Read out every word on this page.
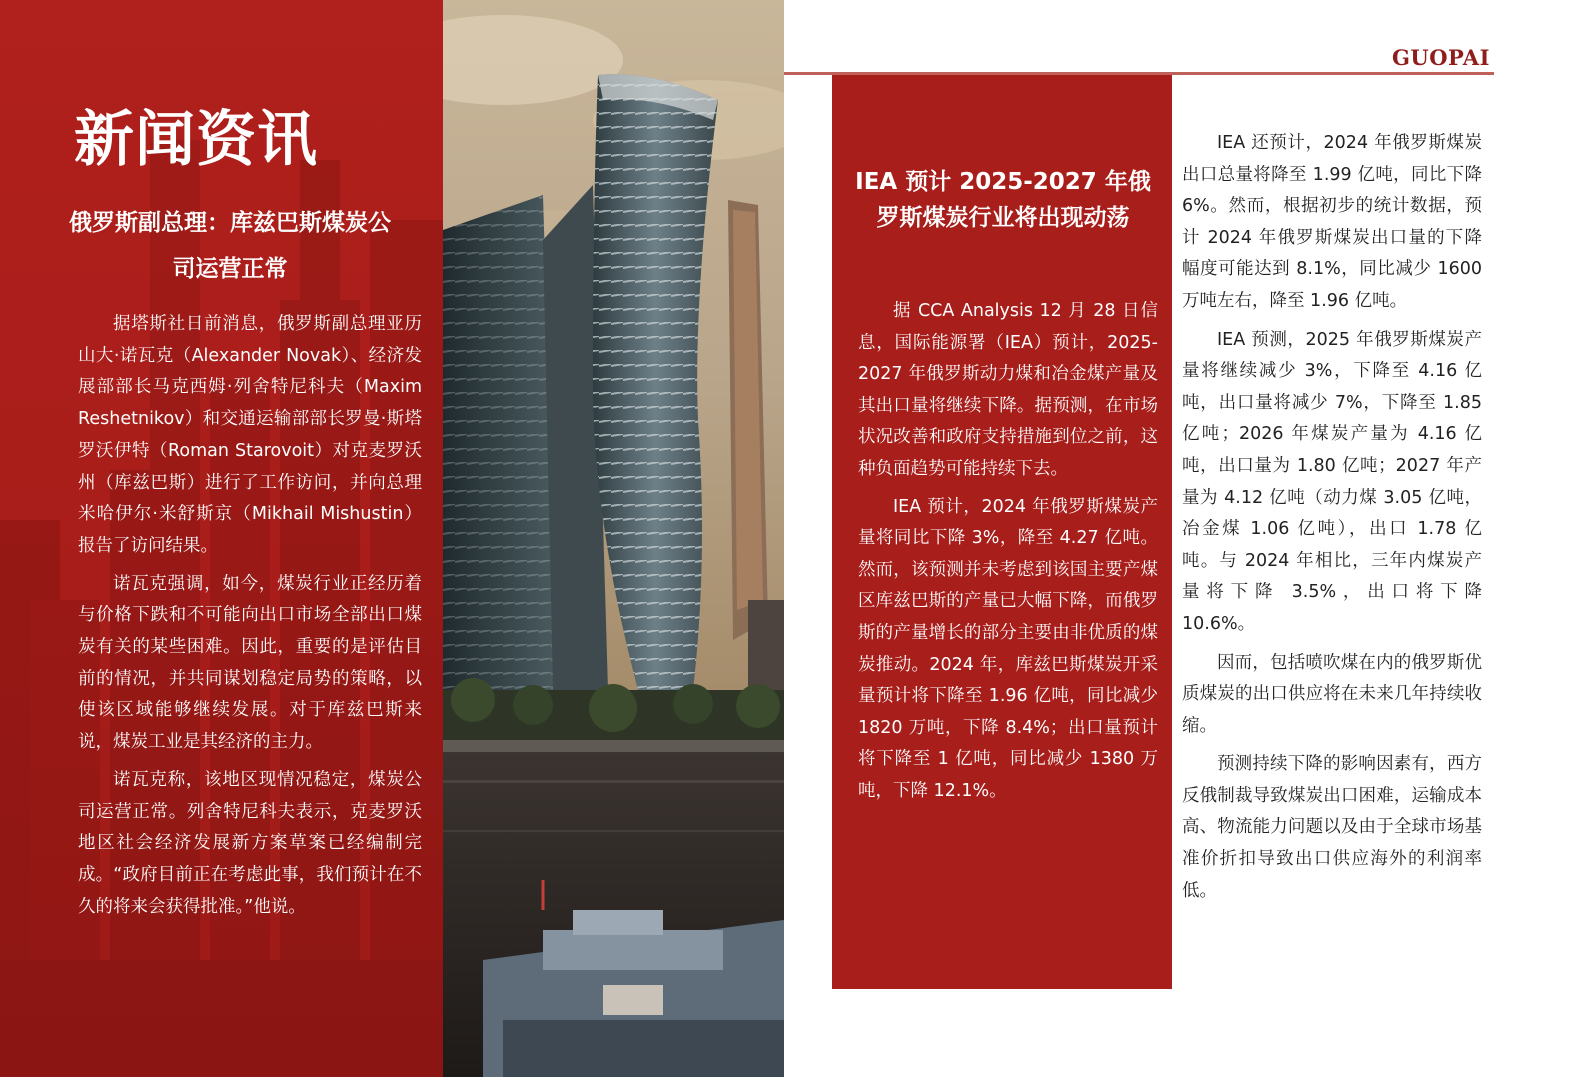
新闻资讯
俄罗斯副总理：库兹巴斯煤炭公司运营正常

据塔斯社日前消息，俄罗斯副总理亚历山大·诺瓦克（Alexander Novak）、经济发展部部长马克西姆·列舍特尼科夫（Maxim Reshetnikov）和交通运输部部长罗曼·斯塔罗沃伊特（Roman Starovoit）对克麦罗沃州（库兹巴斯）进行了工作访问，并向总理米哈伊尔·米舒斯京（Mikhail Mishustin）报告了访问结果。

诺瓦克强调，如今，煤炭行业正经历着与价格下跌和不可能向出口市场全部出口煤炭有关的某些困难。因此，重要的是评估目前的情况，并共同谋划稳定局势的策略，以使该区域能够继续发展。对于库兹巴斯来说，煤炭工业是其经济的主力。

诺瓦克称，该地区现情况稳定，煤炭公司运营正常。列舍特尼科夫表示，克麦罗沃地区社会经济发展新方案草案已经编制完成。“政府目前正在考虑此事，我们预计在不久的将来会获得批准。”他说。

GUOPAI
IEA 预计 2025-2027 年俄罗斯煤炭行业将出现动荡

据 CCA Analysis 12 月 28 日信息，国际能源署（IEA）预计，2025-2027 年俄罗斯动力煤和冶金煤产量及其出口量将继续下降。据预测，在市场状况改善和政府支持措施到位之前，这种负面趋势可能持续下去。

IEA 预计，2024 年俄罗斯煤炭产量将同比下降 3%，降至 4.27 亿吨。然而，该预测并未考虑到该国主要产煤区库兹巴斯的产量已大幅下降，而俄罗斯的产量增长的部分主要由非优质的煤炭推动。2024 年，库兹巴斯煤炭开采量预计将下降至 1.96 亿吨，同比减少 1820 万吨，下降 8.4%；出口量预计将下降至 1 亿吨，同比减少 1380 万吨，下降 12.1%。

IEA 还预计，2024 年俄罗斯煤炭出口总量将降至 1.99 亿吨，同比下降 6%。然而，根据初步的统计数据，预计 2024 年俄罗斯煤炭出口量的下降幅度可能达到 8.1%，同比减少 1600 万吨左右，降至 1.96 亿吨。

IEA 预测，2025 年俄罗斯煤炭产量将继续减少 3%，下降至 4.16 亿吨，出口量将减少 7%，下降至 1.85 亿吨；2026 年煤炭产量为 4.16 亿吨，出口量为 1.80 亿吨；2027 年产量为 4.12 亿吨（动力煤 3.05 亿吨，冶金煤 1.06 亿吨），出口 1.78 亿吨。与 2024 年相比，三年内煤炭产量将下降 3.5%，出口将下降 10.6%。

因而，包括喷吹煤在内的俄罗斯优质煤炭的出口供应将在未来几年持续收缩。

预测持续下降的影响因素有，西方反俄制裁导致煤炭出口困难，运输成本高、物流能力问题以及由于全球市场基准价折扣导致出口供应海外的利润率低。
